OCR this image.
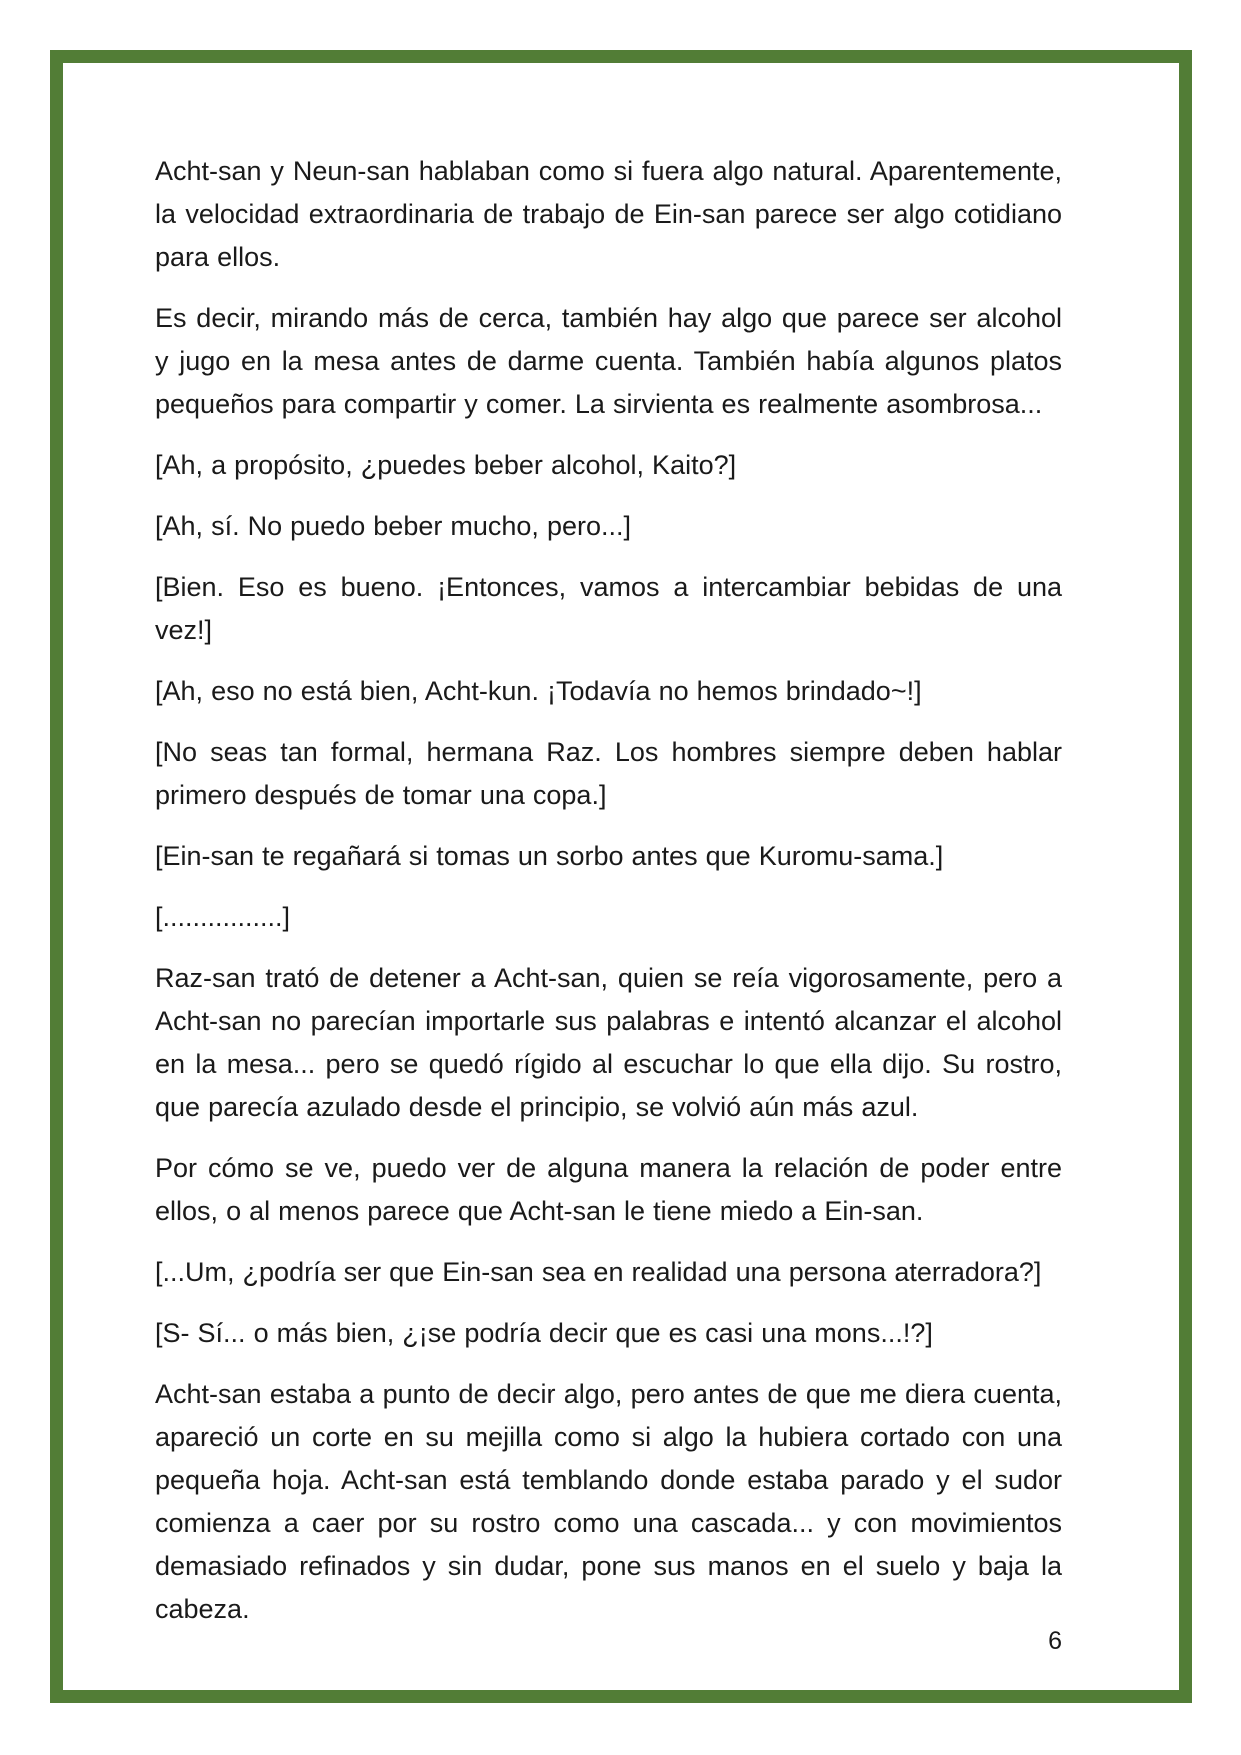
Acht-san y Neun-san hablaban como si fuera algo natural. Aparentemente, la velocidad extraordinaria de trabajo de Ein-san parece ser algo cotidiano para ellos.

Es decir, mirando más de cerca, también hay algo que parece ser alcohol y jugo en la mesa antes de darme cuenta. También había algunos platos pequeños para compartir y comer. La sirvienta es realmente asombrosa...

[Ah, a propósito, ¿puedes beber alcohol, Kaito?]

[Ah, sí. No puedo beber mucho, pero...]

[Bien. Eso es bueno. ¡Entonces, vamos a intercambiar bebidas de una vez!]

[Ah, eso no está bien, Acht-kun. ¡Todavía no hemos brindado~!]

[No seas tan formal, hermana Raz. Los hombres siempre deben hablar primero después de tomar una copa.]

[Ein-san te regañará si tomas un sorbo antes que Kuromu-sama.]

[................]

Raz-san trató de detener a Acht-san, quien se reía vigorosamente, pero a Acht-san no parecían importarle sus palabras e intentó alcanzar el alcohol en la mesa... pero se quedó rígido al escuchar lo que ella dijo. Su rostro, que parecía azulado desde el principio, se volvió aún más azul.

Por cómo se ve, puedo ver de alguna manera la relación de poder entre ellos, o al menos parece que Acht-san le tiene miedo a Ein-san.

[...Um, ¿podría ser que Ein-san sea en realidad una persona aterradora?]

[S- Sí... o más bien, ¿¡se podría decir que es casi una mons...!?]

Acht-san estaba a punto de decir algo, pero antes de que me diera cuenta, apareció un corte en su mejilla como si algo la hubiera cortado con una pequeña hoja. Acht-san está temblando donde estaba parado y el sudor comienza a caer por su rostro como una cascada... y con movimientos demasiado refinados y sin dudar, pone sus manos en el suelo y baja la cabeza.

6
